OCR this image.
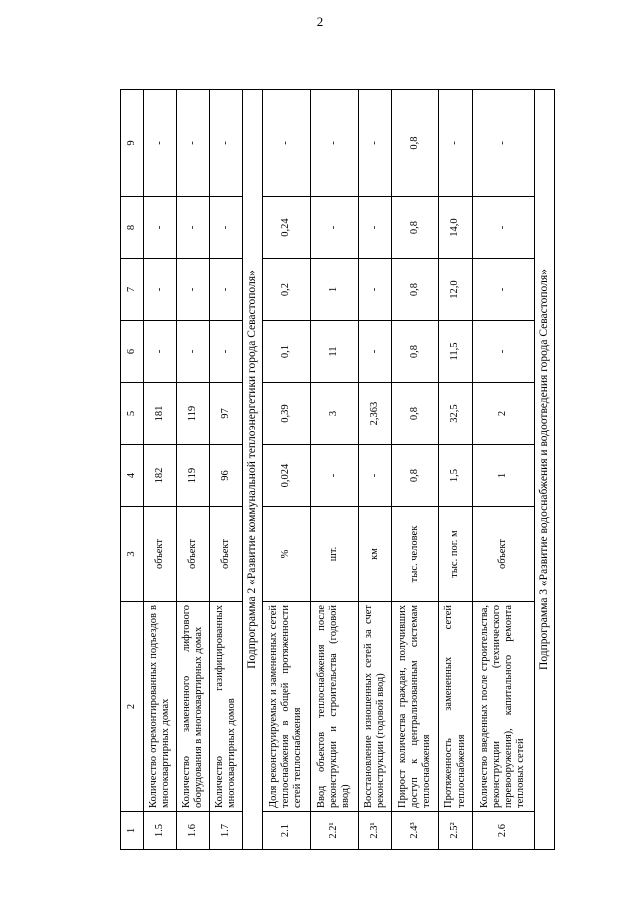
2
1	2	3	4	5	6	7	8	9
1.5	Количество отремонтированных подъездов в многоквартирных домах	объект	182	181	-	-	-	-
1.6	Количество замененного лифтового оборудования в многоквартирных домах	объект	119	119	-	-	-	-
1.7	Количество газифицированных многоквартирных домов	объект	96	97	-	-	-	-
Подпрограмма 2 «Развитие коммунальной теплоэнергетики города Севастополя»								
2.1	Доля реконструируемых и замененных сетей теплоснабжения в общей протяженности сетей теплоснабжения	%	0,024	0,39	0,1	0,2	0,24	-
2.2¹	Ввод объектов теплоснабжения после реконструкции и строительства (годовой ввод)	шт.	-	3	11	1	-	-
2.3¹	Восстановление изношенных сетей за счет реконструкции (годовой ввод)	км	-	2,363	-	-	-	-
2.4³	Прирост количества граждан, получивших доступ к централизованным системам теплоснабжения	тыс. человек	0,8	0,8	0,8	0,8	0,8	0,8
2.5²	Протяженность замененных сетей теплоснабжения	тыс. пог. м	1,5	32,5	11,5	12,0	14,0	-
2.6	Количество введенных после строительства, реконструкции (технического перевооружения), капитального ремонта тепловых сетей	объект	1	2	-	-	-	-
Подпрограмма 3 «Развитие водоснабжения и водоотведения города Севастополя»								
